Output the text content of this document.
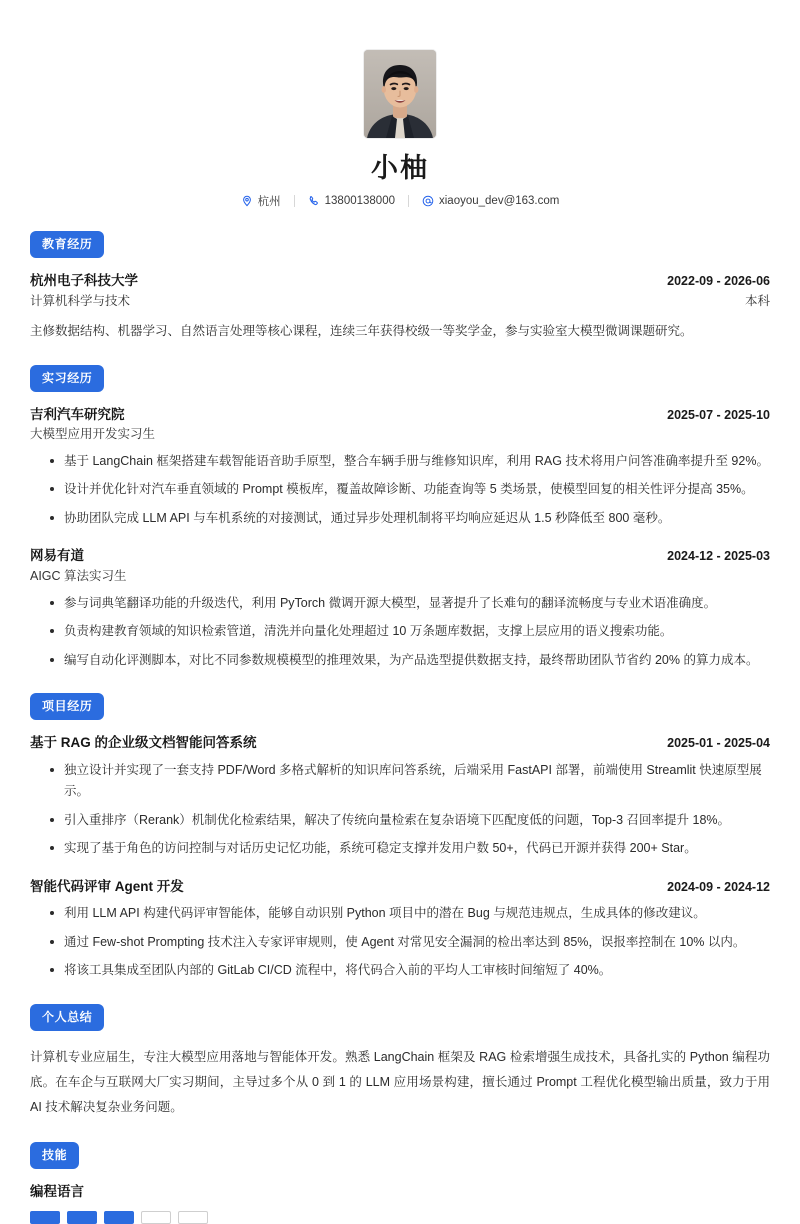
小柚
杭州	13800138000	xiaoyou_dev@163.com
教育经历
杭州电子科技大学	2022-09 - 2026-06
计算机科学与技术	本科
主修数据结构、机器学习、自然语言处理等核心课程，连续三年获得校级一等奖学金，参与实验室大模型微调课题研究。
实习经历
吉利汽车研究院	2025-07 - 2025-10
大模型应用开发实习生
基于 LangChain 框架搭建车载智能语音助手原型，整合车辆手册与维修知识库，利用 RAG 技术将用户问答准确率提升至 92%。
设计并优化针对汽车垂直领域的 Prompt 模板库，覆盖故障诊断、功能查询等 5 类场景，使模型回复的相关性评分提高 35%。
协助团队完成 LLM API 与车机系统的对接测试，通过异步处理机制将平均响应延迟从 1.5 秒降低至 800 毫秒。
网易有道	2024-12 - 2025-03
AIGC 算法实习生
参与词典笔翻译功能的升级迭代，利用 PyTorch 微调开源大模型，显著提升了长难句的翻译流畅度与专业术语准确度。
负责构建教育领域的知识检索管道，清洗并向量化处理超过 10 万条题库数据，支撑上层应用的语义搜索功能。
编写自动化评测脚本，对比不同参数规模模型的推理效果，为产品选型提供数据支持，最终帮助团队节省约 20% 的算力成本。
项目经历
基于 RAG 的企业级文档智能问答系统	2025-01 - 2025-04
独立设计并实现了一套支持 PDF/Word 多格式解析的知识库问答系统，后端采用 FastAPI 部署，前端使用 Streamlit 快速原型展示。
引入重排序（Rerank）机制优化检索结果，解决了传统向量检索在复杂语境下匹配度低的问题，Top-3 召回率提升 18%。
实现了基于角色的访问控制与对话历史记忆功能，系统可稳定支撑并发用户数 50+，代码已开源并获得 200+ Star。
智能代码评审 Agent 开发	2024-09 - 2024-12
利用 LLM API 构建代码评审智能体，能够自动识别 Python 项目中的潜在 Bug 与规范违规点，生成具体的修改建议。
通过 Few-shot Prompting 技术注入专家评审规则，使 Agent 对常见安全漏洞的检出率达到 85%，误报率控制在 10% 以内。
将该工具集成至团队内部的 GitLab CI/CD 流程中，将代码合入前的平均人工审核时间缩短了 40%。
个人总结
计算机专业应届生，专注大模型应用落地与智能体开发。熟悉 LangChain 框架及 RAG 检索增强生成技术，具备扎实的 Python 编程功底。在车企与互联网大厂实习期间，主导过多个从 0 到 1 的 LLM 应用场景构建，擅长通过 Prompt 工程优化模型输出质量，致力于用 AI 技术解决复杂业务问题。
技能
编程语言
